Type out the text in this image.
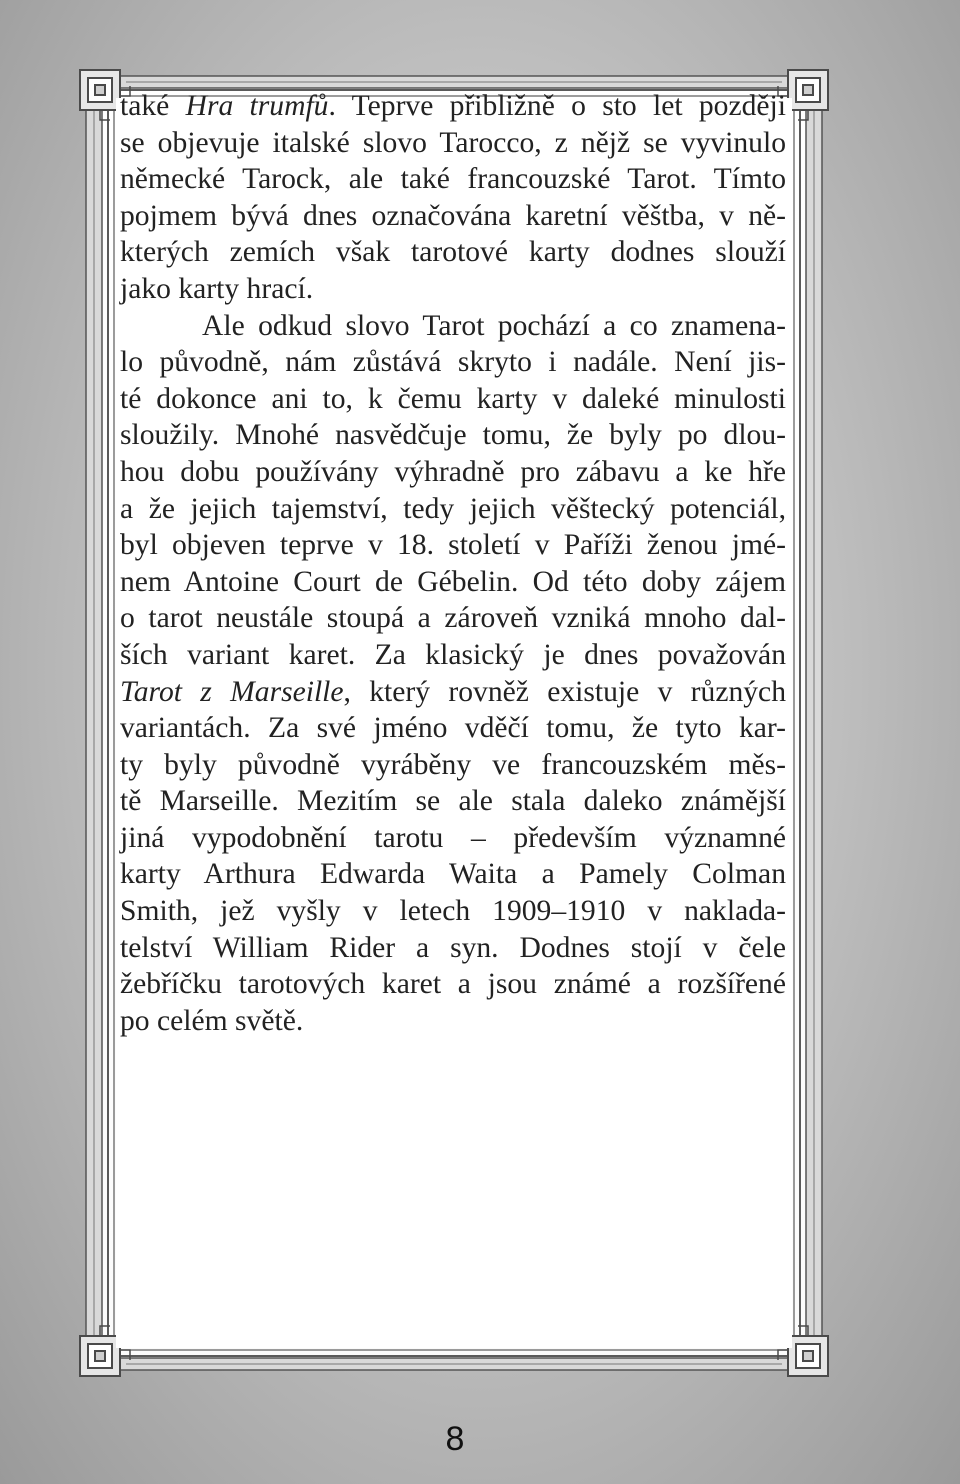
také Hra trumfů. Teprve přibližně o sto let později
se objevuje italské slovo Tarocco, z nějž se vyvinulo
německé Tarock, ale také francouzské Tarot. Tímto
pojmem bývá dnes označována karetní věštba, v ně-
kterých zemích však tarotové karty dodnes slouží
jako karty hrací.
Ale odkud slovo Tarot pochází a co znamena-
lo původně, nám zůstává skryto i nadále. Není jis-
té dokonce ani to, k čemu karty v daleké minulosti
sloužily. Mnohé nasvědčuje tomu, že byly po dlou-
hou dobu používány výhradně pro zábavu a ke hře
a že jejich tajemství, tedy jejich věštecký potenciál,
byl objeven teprve v 18. století v Paříži ženou jmé-
nem Antoine Court de Gébelin. Od této doby zájem
o tarot neustále stoupá a zároveň vzniká mnoho dal-
ších variant karet. Za klasický je dnes považován
Tarot z Marseille, který rovněž existuje v různých
variantách. Za své jméno vděčí tomu, že tyto kar-
ty byly původně vyráběny ve francouzském měs-
tě Marseille. Mezitím se ale stala daleko známější
jiná vypodobnění tarotu – především významné
karty Arthura Edwarda Waita a Pamely Colman
Smith, jež vyšly v letech 1909–1910 v naklada-
telství William Rider a syn. Dodnes stojí v čele
žebříčku tarotových karet a jsou známé a rozšířené
po celém světě.
8
